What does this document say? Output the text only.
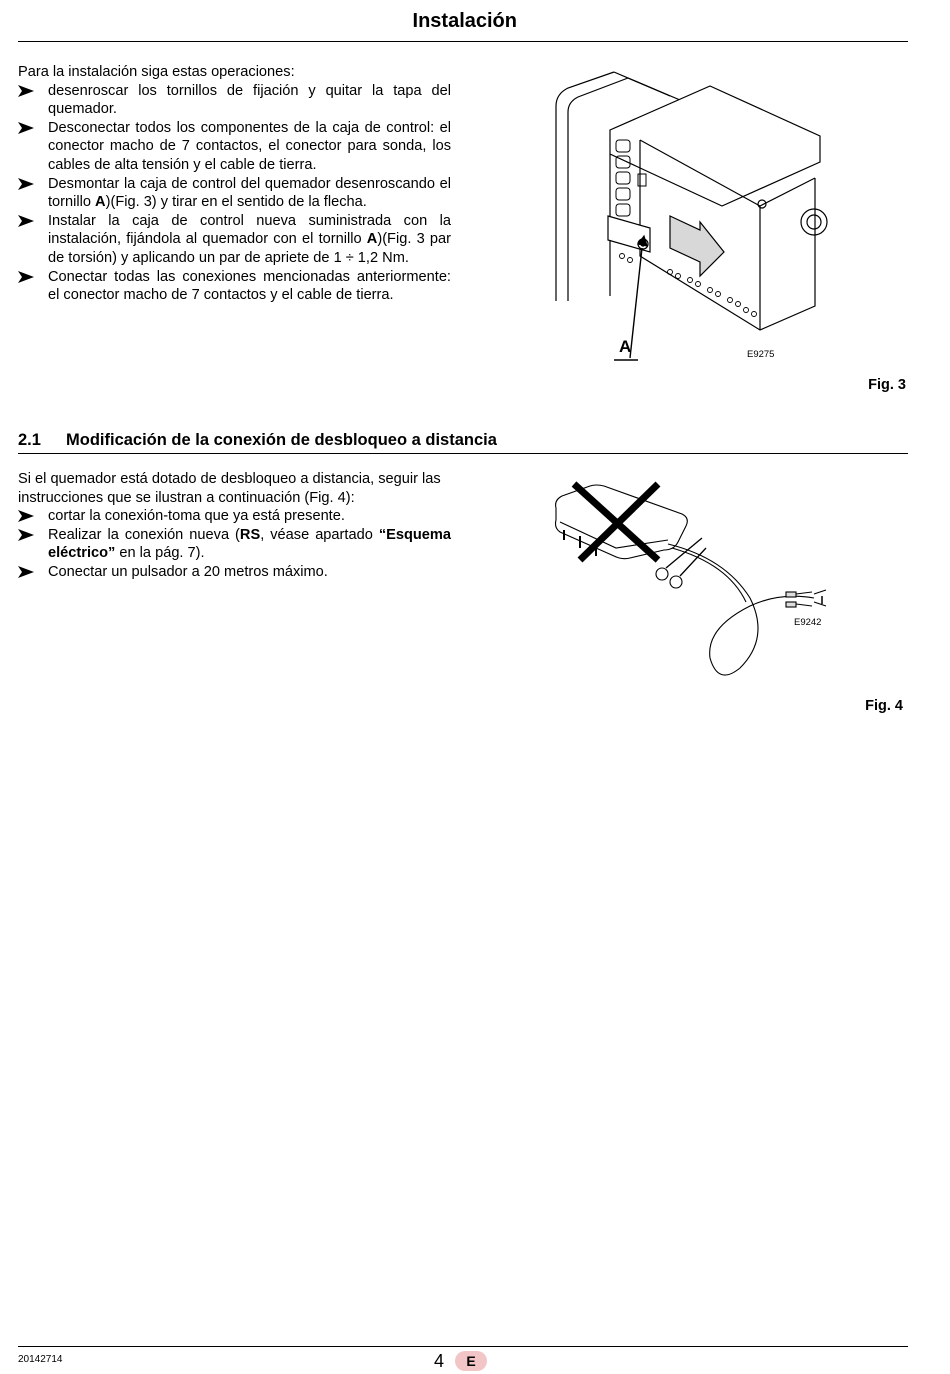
Instalación

Para la instalación siga estas operaciones:

desenroscar los tornillos de fijación y quitar la tapa del quemador.
Desconectar todos los componentes de la caja de control: el conector macho de 7 contactos, el conector para sonda, los cables de alta tensión y el cable de tierra.
Desmontar la caja de control del quemador desenroscando el tornillo A)(Fig. 3) y tirar en el sentido de la flecha.
Instalar la caja de control nueva suministrada con la instalación, fijándola al quemador con el tornillo A)(Fig. 3 par de torsión) y aplicando un par de apriete de 1 ÷ 1,2 Nm.
Conectar todas las conexiones mencionadas anteriormente: el conector macho de 7 contactos y el cable de tierra.
A	E9275
Fig. 3
2.1 Modificación de la conexión de desbloqueo a distancia

Si el quemador está dotado de desbloqueo a distancia, seguir las instrucciones que se ilustran a continuación (Fig. 4):

cortar la conexión-toma que ya está presente.
Realizar la conexión nueva (RS, véase apartado “Esquema eléctrico” en la pág. 7).
Conectar un pulsador a 20 metros máximo.
E9242
Fig. 4
20142714	4	E
